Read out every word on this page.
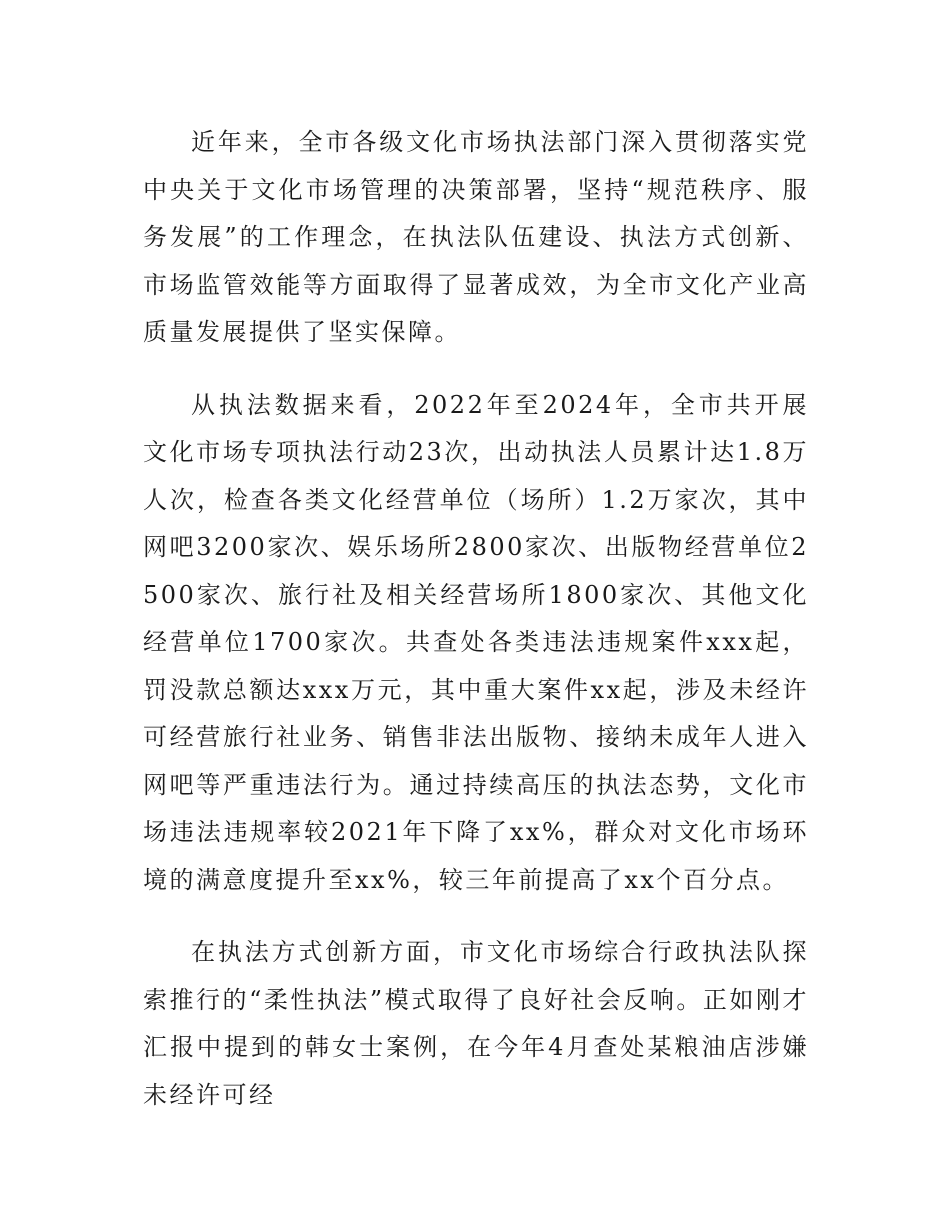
近年来，全市各级文化市场执法部门深入贯彻落实党中央关于文化市场管理的决策部署，坚持“规范秩序、服务发展”的工作理念，在执法队伍建设、执法方式创新、市场监管效能等方面取得了显著成效，为全市文化产业高质量发展提供了坚实保障。

从执法数据来看，2022年至2024年，全市共开展文化市场专项执法行动23次，出动执法人员累计达1.8万人次，检查各类文化经营单位（场所）1.2万家次，其中网吧3200家次、娱乐场所2800家次、出版物经营单位2500家次、旅行社及相关经营场所1800家次、其他文化经营单位1700家次。共查处各类违法违规案件xxx起，罚没款总额达xxx万元，其中重大案件xx起，涉及未经许可经营旅行社业务、销售非法出版物、接纳未成年人进入网吧等严重违法行为。通过持续高压的执法态势，文化市场违法违规率较2021年下降了xx%，群众对文化市场环境的满意度提升至xx%，较三年前提高了xx个百分点。

在执法方式创新方面，市文化市场综合行政执法队探索推行的“柔性执法”模式取得了良好社会反响。正如刚才汇报中提到的韩女士案例，在今年4月查处某粮油店涉嫌未经许可经
